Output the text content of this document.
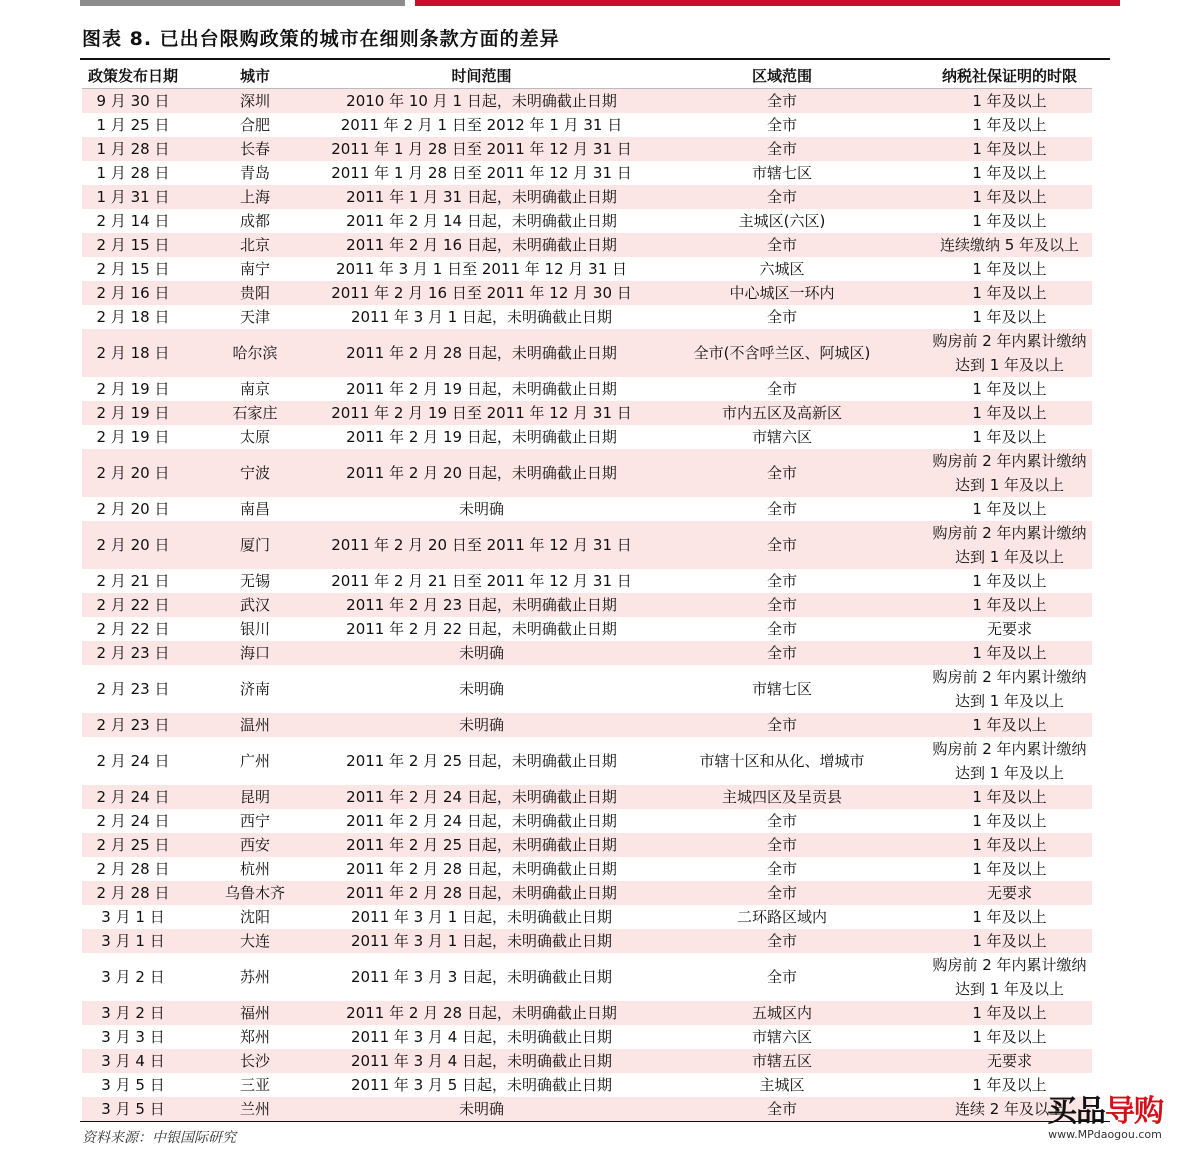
图表 8. 已出台限购政策的城市在细则条款方面的差异
政策发布日期	城市	时间范围	区域范围	纳税社保证明的时限
9 月 30 日	深圳	2010 年 10 月 1 日起，未明确截止日期	全市	1 年及以上
1 月 25 日	合肥	2011 年 2 月 1 日至 2012 年 1 月 31 日	全市	1 年及以上
1 月 28 日	长春	2011 年 1 月 28 日至 2011 年 12 月 31 日	全市	1 年及以上
1 月 28 日	青岛	2011 年 1 月 28 日至 2011 年 12 月 31 日	市辖七区	1 年及以上
1 月 31 日	上海	2011 年 1 月 31 日起，未明确截止日期	全市	1 年及以上
2 月 14 日	成都	2011 年 2 月 14 日起，未明确截止日期	主城区(六区)	1 年及以上
2 月 15 日	北京	2011 年 2 月 16 日起，未明确截止日期	全市	连续缴纳 5 年及以上
2 月 15 日	南宁	2011 年 3 月 1 日至 2011 年 12 月 31 日	六城区	1 年及以上
2 月 16 日	贵阳	2011 年 2 月 16 日至 2011 年 12 月 30 日	中心城区一环内	1 年及以上
2 月 18 日	天津	2011 年 3 月 1 日起，未明确截止日期	全市	1 年及以上
2 月 18 日	哈尔滨	2011 年 2 月 28 日起，未明确截止日期	全市(不含呼兰区、阿城区)	购房前 2 年内累计缴纳
达到 1 年及以上

2 月 19 日	南京	2011 年 2 月 19 日起，未明确截止日期	全市	1 年及以上
2 月 19 日	石家庄	2011 年 2 月 19 日至 2011 年 12 月 31 日	市内五区及高新区	1 年及以上
2 月 19 日	太原	2011 年 2 月 19 日起，未明确截止日期	市辖六区	1 年及以上
2 月 20 日	宁波	2011 年 2 月 20 日起，未明确截止日期	全市	购房前 2 年内累计缴纳
达到 1 年及以上

2 月 20 日	南昌	未明确	全市	1 年及以上
2 月 20 日	厦门	2011 年 2 月 20 日至 2011 年 12 月 31 日	全市	购房前 2 年内累计缴纳
达到 1 年及以上

2 月 21 日	无锡	2011 年 2 月 21 日至 2011 年 12 月 31 日	全市	1 年及以上
2 月 22 日	武汉	2011 年 2 月 23 日起，未明确截止日期	全市	1 年及以上
2 月 22 日	银川	2011 年 2 月 22 日起，未明确截止日期	全市	无要求
2 月 23 日	海口	未明确	全市	1 年及以上
2 月 23 日	济南	未明确	市辖七区	购房前 2 年内累计缴纳
达到 1 年及以上

2 月 23 日	温州	未明确	全市	1 年及以上
2 月 24 日	广州	2011 年 2 月 25 日起，未明确截止日期	市辖十区和从化、增城市	购房前 2 年内累计缴纳
达到 1 年及以上

2 月 24 日	昆明	2011 年 2 月 24 日起，未明确截止日期	主城四区及呈贡县	1 年及以上
2 月 24 日	西宁	2011 年 2 月 24 日起，未明确截止日期	全市	1 年及以上
2 月 25 日	西安	2011 年 2 月 25 日起，未明确截止日期	全市	1 年及以上
2 月 28 日	杭州	2011 年 2 月 28 日起，未明确截止日期	全市	1 年及以上
2 月 28 日	乌鲁木齐	2011 年 2 月 28 日起，未明确截止日期	全市	无要求
3 月 1 日	沈阳	2011 年 3 月 1 日起，未明确截止日期	二环路区域内	1 年及以上
3 月 1 日	大连	2011 年 3 月 1 日起，未明确截止日期	全市	1 年及以上
3 月 2 日	苏州	2011 年 3 月 3 日起，未明确截止日期	全市	购房前 2 年内累计缴纳
达到 1 年及以上

3 月 2 日	福州	2011 年 2 月 28 日起，未明确截止日期	五城区内	1 年及以上
3 月 3 日	郑州	2011 年 3 月 4 日起，未明确截止日期	市辖六区	1 年及以上
3 月 4 日	长沙	2011 年 3 月 4 日起，未明确截止日期	市辖五区	无要求
3 月 5 日	三亚	2011 年 3 月 5 日起，未明确截止日期	主城区	1 年及以上
3 月 5 日	兰州	未明确	全市	连续 2 年及以上
资料来源：中银国际研究
买品导购
www.MPdaogou.com
